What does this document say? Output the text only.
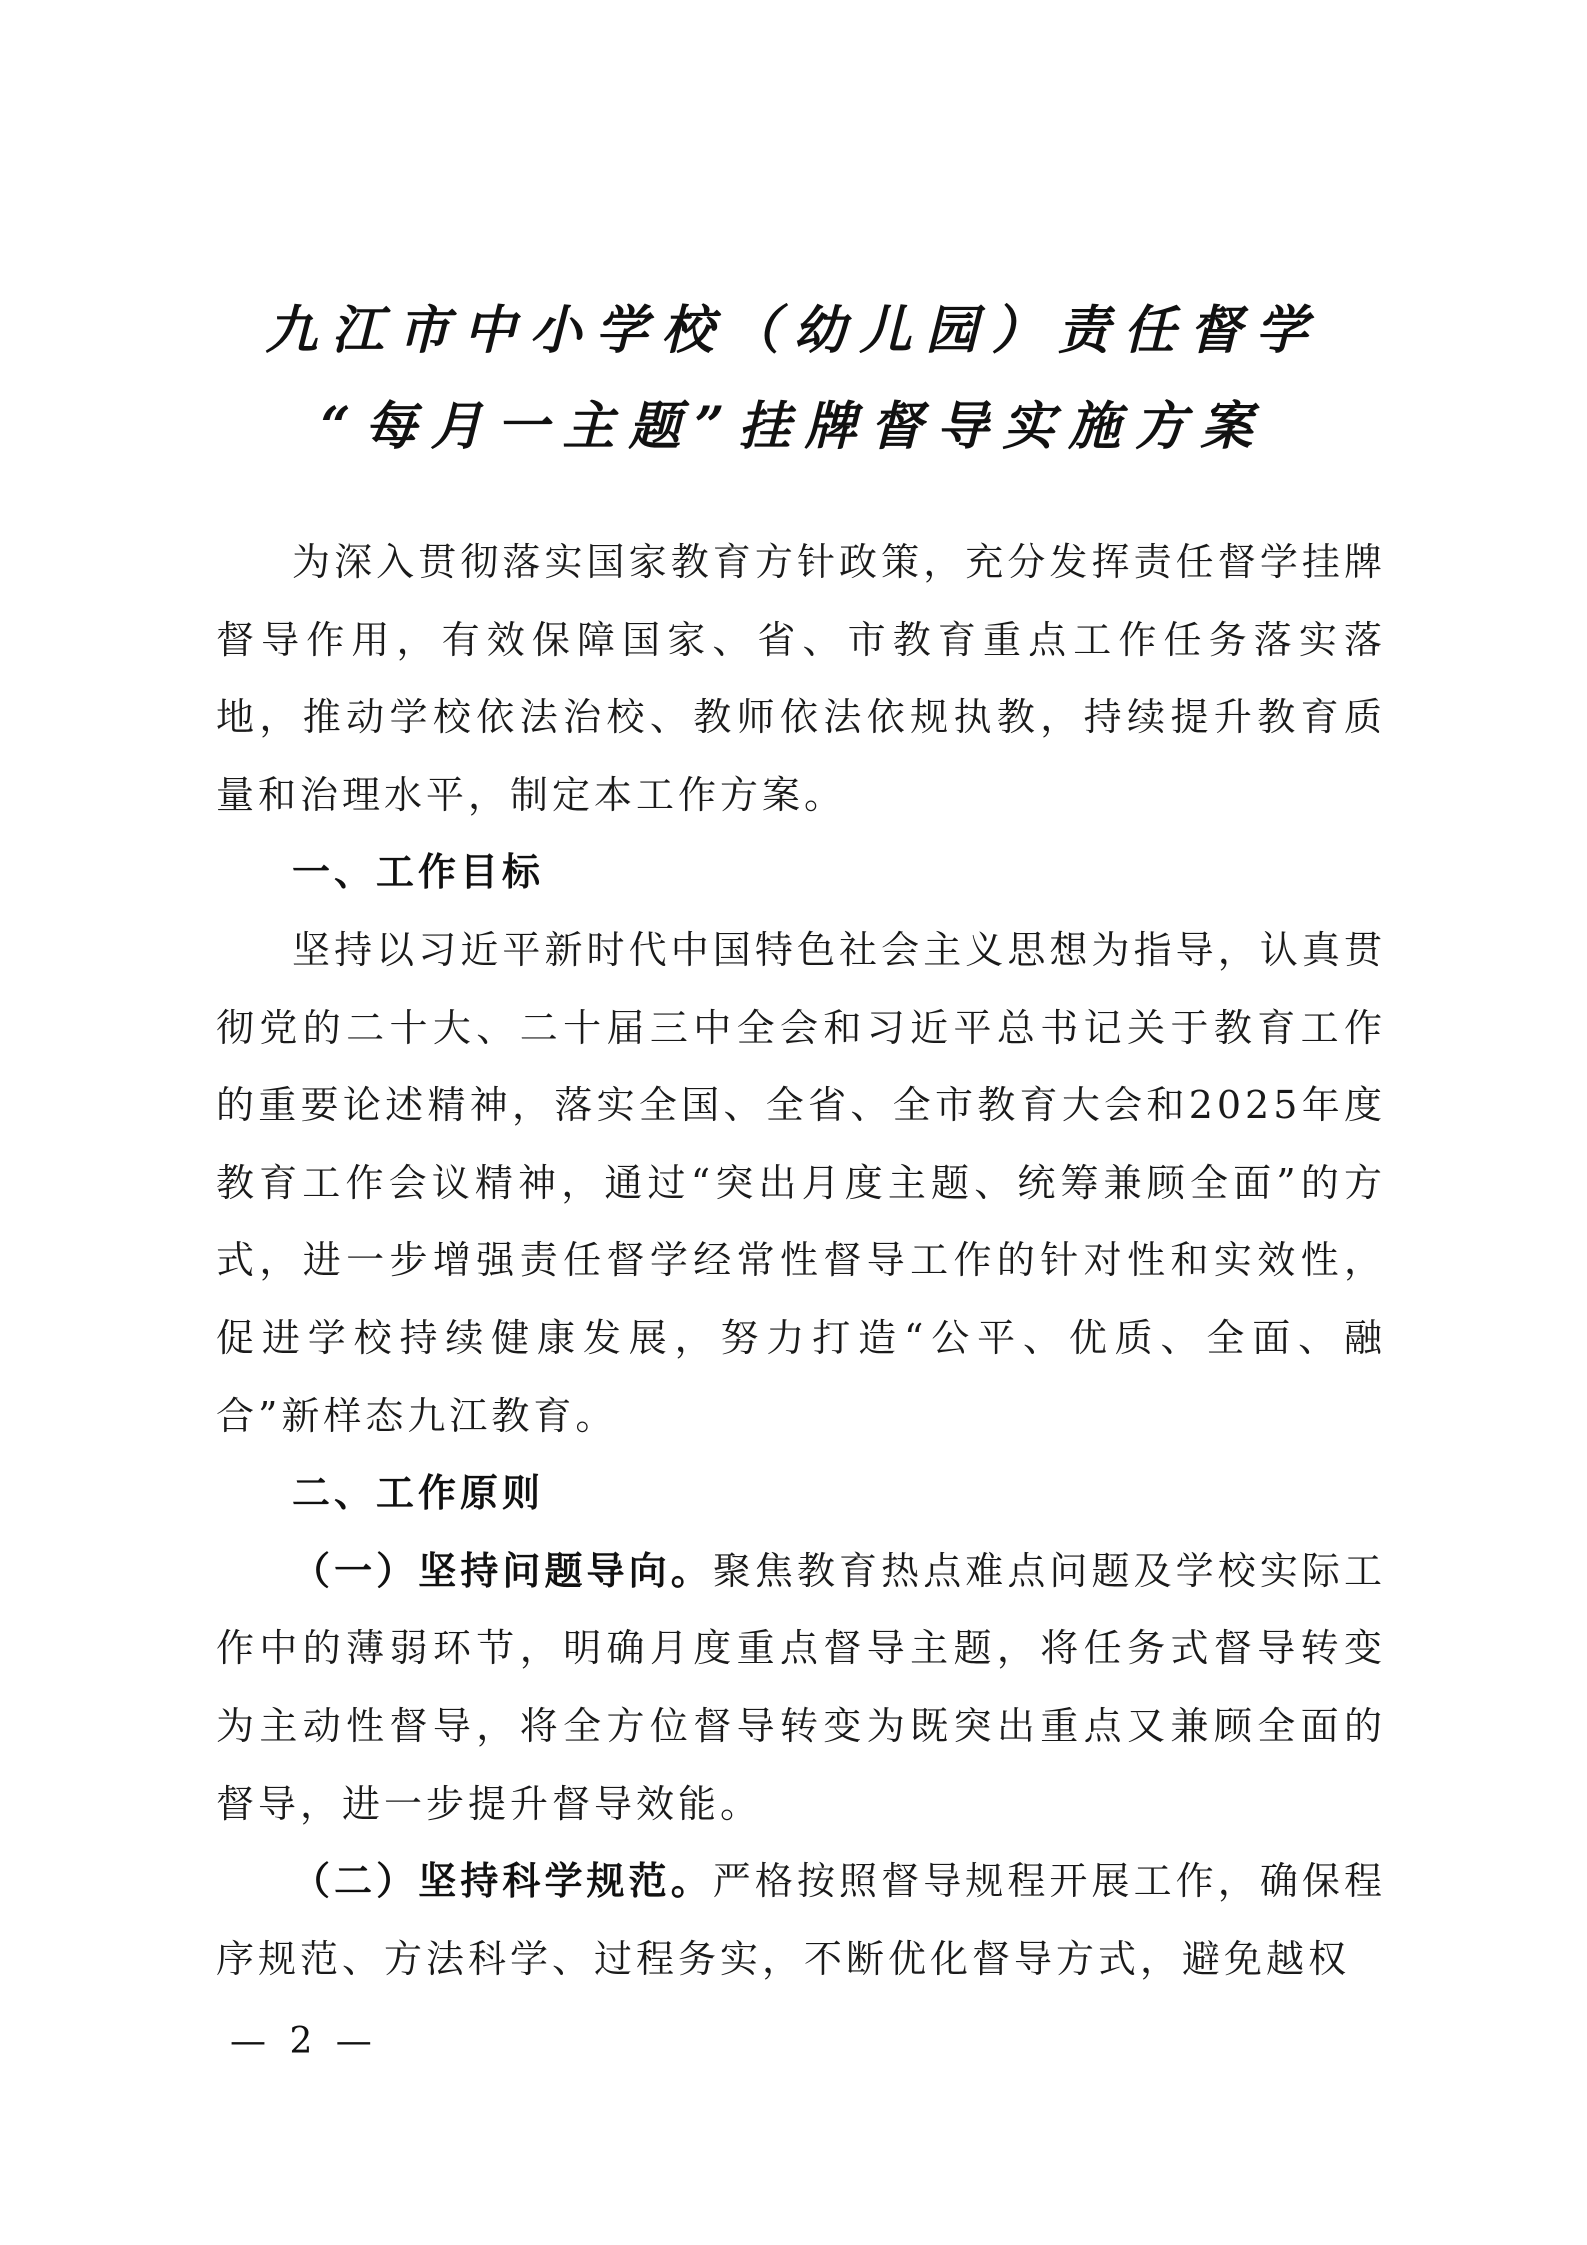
九江市中小学校（幼儿园）责任督学
“每月一主题”挂牌督导实施方案

为深入贯彻落实国家教育方针政策，充分发挥责任督学挂牌督导作用，有效保障国家、省、市教育重点工作任务落实落地，推动学校依法治校、教师依法依规执教，持续提升教育质量和治理水平，制定本工作方案。

一、工作目标

坚持以习近平新时代中国特色社会主义思想为指导，认真贯彻党的二十大、二十届三中全会和习近平总书记关于教育工作的重要论述精神，落实全国、全省、全市教育大会和2025年度教育工作会议精神，通过“突出月度主题、统筹兼顾全面”的方式，进一步增强责任督学经常性督导工作的针对性和实效性，促进学校持续健康发展，努力打造“公平、优质、全面、融合”新样态九江教育。

二、工作原则

（一）坚持问题导向。聚焦教育热点难点问题及学校实际工作中的薄弱环节，明确月度重点督导主题，将任务式督导转变为主动性督导，将全方位督导转变为既突出重点又兼顾全面的督导，进一步提升督导效能。

（二）坚持科学规范。严格按照督导规程开展工作，确保程序规范、方法科学、过程务实，不断优化督导方式，避免越权

— 2 —
